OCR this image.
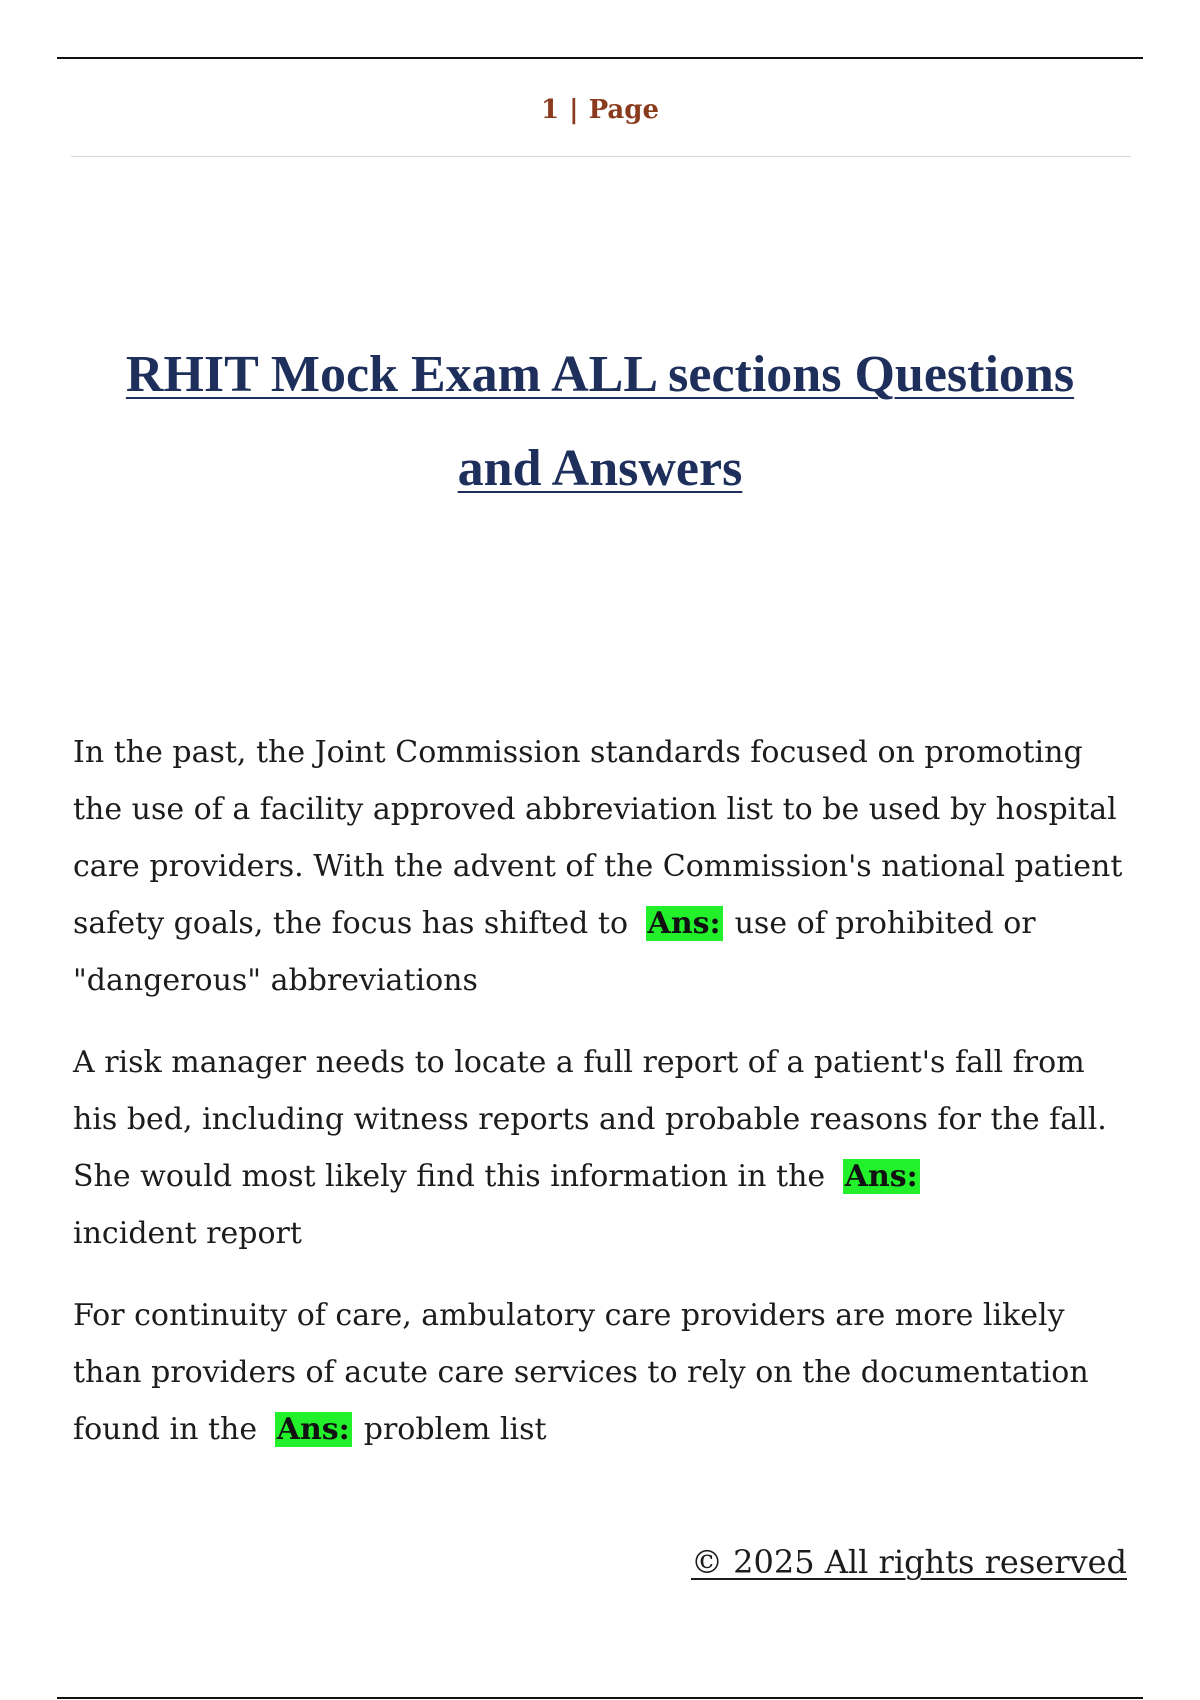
1 | Page
RHIT Mock Exam ALL sections Questions
and Answers

In the past, the Joint Commission standards focused on promoting the use of a facility approved abbreviation list to be used by hospital care providers. With the advent of the Commission's national patient safety goals, the focus has shifted to Ans: use of prohibited or "dangerous" abbreviations

A risk manager needs to locate a full report of a patient's fall from his bed, including witness reports and probable reasons for the fall. She would most likely find this information in the Ans:
incident report

For continuity of care, ambulatory care providers are more likely than providers of acute care services to rely on the documentation found in the Ans: problem list

© 2025 All rights reserved
